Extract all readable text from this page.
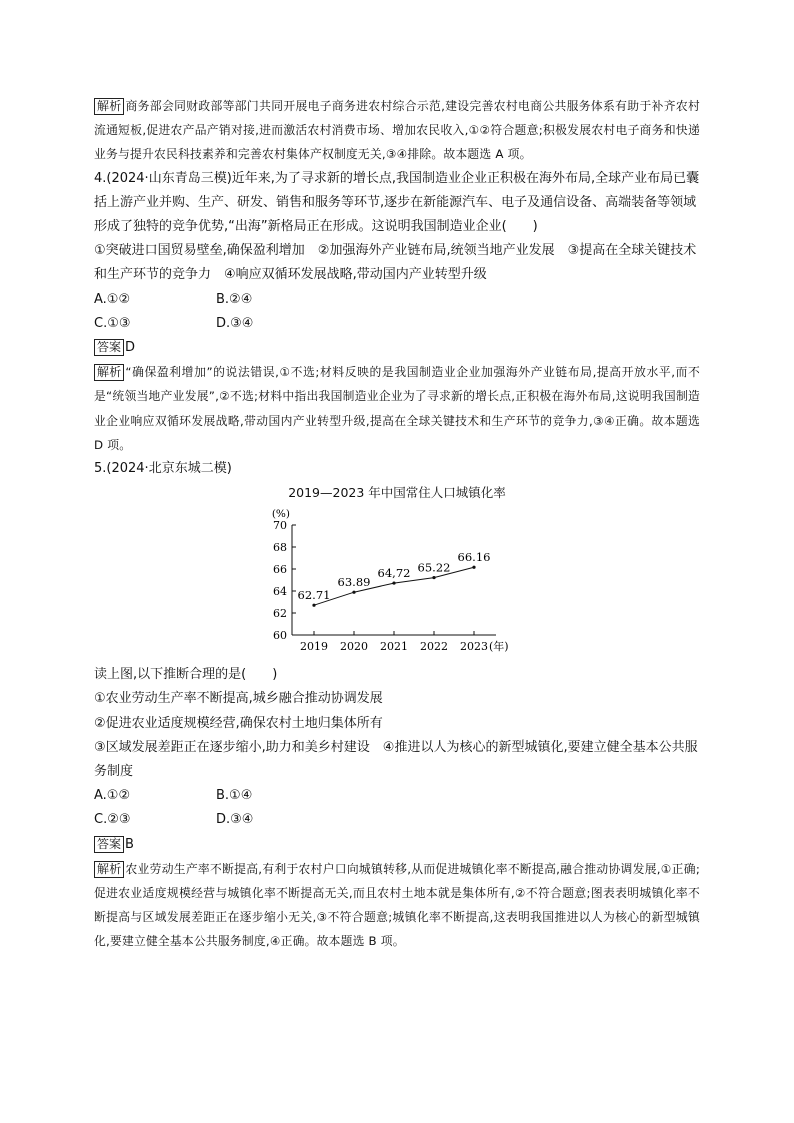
解析 商务部会同财政部等部门共同开展电子商务进农村综合示范,建设完善农村电商公共服务体系有助于补齐农村流通短板,促进农产品产销对接,进而激活农村消费市场、增加农民收入,①②符合题意;积极发展农村电子商务和快递业务与提升农民科技素养和完善农村集体产权制度无关,③④排除。故本题选 A 项。

4.(2024·山东青岛三模)近年来,为了寻求新的增长点,我国制造业企业正积极在海外布局,全球产业布局已囊括上游产业并购、生产、研发、销售和服务等环节,逐步在新能源汽车、电子及通信设备、高端装备等领域形成了独特的竞争优势,“出海”新格局正在形成。这说明我国制造业企业(　　)

①突破进口国贸易壁垒,确保盈利增加　②加强海外产业链布局,统领当地产业发展　③提高在全球关键技术和生产环节的竞争力　④响应双循环发展战略,带动国内产业转型升级

A.①②	B.②④
C.①③	D.③④

答案 D

解析 “确保盈利增加”的说法错误,①不选;材料反映的是我国制造业企业加强海外产业链布局,提高开放水平,而不是“统领当地产业发展”,②不选;材料中指出我国制造业企业为了寻求新的增长点,正积极在海外布局,这说明我国制造业企业响应双循环发展战略,带动国内产业转型升级,提高在全球关键技术和生产环节的竞争力,③④正确。故本题选 D 项。

5.(2024·北京东城二模)

2019—2023 年中国常住人口城镇化率
(%)
60
62
64
66
68
70
2019 2020 2021 2022 2023 (年)
62.71
63.89
64,72 65.22
66.16

读上图,以下推断合理的是(　　)

①农业劳动生产率不断提高,城乡融合推动协调发展

②促进农业适度规模经营,确保农村土地归集体所有

③区域发展差距正在逐步缩小,助力和美乡村建设　④推进以人为核心的新型城镇化,要建立健全基本公共服务制度

A.①②	B.①④
C.②③	D.③④

答案 B

解析 农业劳动生产率不断提高,有利于农村户口向城镇转移,从而促进城镇化率不断提高,融合推动协调发展,①正确;促进农业适度规模经营与城镇化率不断提高无关,而且农村土地本就是集体所有,②不符合题意;图表表明城镇化率不断提高与区域发展差距正在逐步缩小无关,③不符合题意;城镇化率不断提高,这表明我国推进以人为核心的新型城镇化,要建立健全基本公共服务制度,④正确。故本题选 B 项。
